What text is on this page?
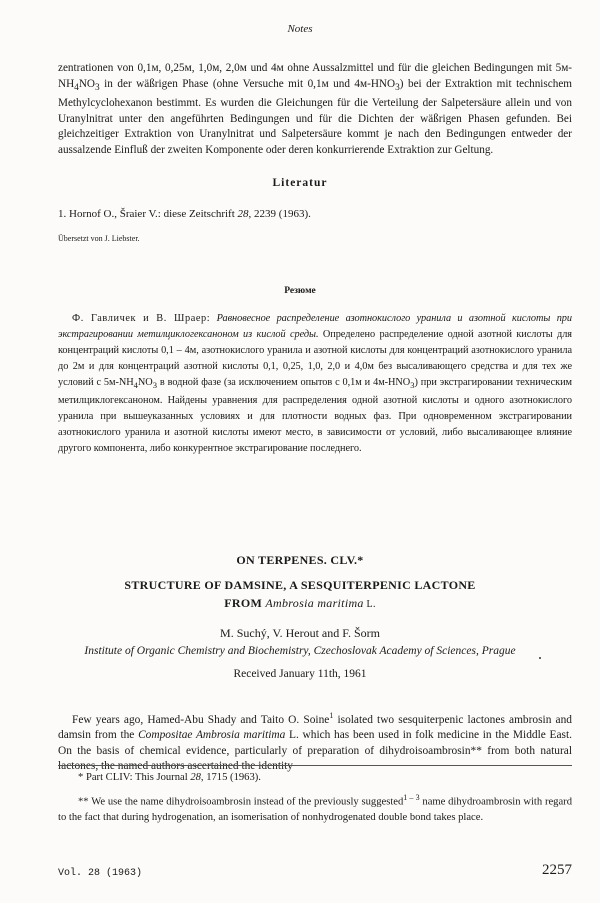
Notes

zentrationen von 0,1м, 0,25м, 1,0м, 2,0м und 4м ohne Aussalzmittel und für die gleichen Bedingungen mit $5м-NH_4NO_3$ in der wäßrigen Phase (ohne Versuche mit 0,1м und $4м-HNO_3$) bei der Extraktion mit technischem Methylcyclohexanon bestimmt. Es wurden die Gleichungen für die Verteilung der Salpetersäure allein und von Uranylnitrat unter den angeführten Bedingungen und für die Dichten der wäßrigen Phasen gefunden. Bei gleichzeitiger Extraktion von Uranylnitrat und Salpetersäure kommt je nach den Bedingungen entweder der aussalzende Einfluß der zweiten Komponente oder deren konkurrierende Extraktion zur Geltung.

Literatur
1. Hornof O., Šraier V.: diese Zeitschrift 28, 2239 (1963).
Übersetzt von J. Liebster.
Резюме

Ф. Гавличек и В. Шраер: Равновесное распределение азотнокислого уранила и азотной кислоты при экстрагировании метилциклогексаноном из кислой среды. Определено распределение одной азотной кислоты для концентраций кислоты 0,1 – 4м, азотнокислого уранила и азотной кислоты для концентраций азотнокислого уранила до 2м и для концентраций азотной кислоты 0,1, 0,25, 1,0, 2,0 и 4,0м без высаливающего средства и для тех же условий с $5м-NH_4NO_3$ в водной фазе (за исключением опытов с 0,1м и $4м-HNO_3$) при экстрагировании техническим метилциклогексаноном. Найдены уравнения для распределения одной азотной кислоты и одного азотнокислого уранила при вышеуказанных условиях и для плотности водных фаз. При одновременном экстрагировании азотнокислого уранила и азотной кислоты имеют место, в зависимости от условий, либо высаливающее влияние другого компонента, либо конкурентное экстрагирование последнего.

ON TERPENES. CLV.*
STRUCTURE OF DAMSINE, A SESQUITERPENIC LACTONE
FROM Ambrosia maritima L.
M. Suchý, V. Herout and F. Šorm
Institute of Organic Chemistry and Biochemistry, Czechoslovak Academy of Sciences, Prague
Received January 11th, 1961

Few years ago, Hamed-Abu Shady and Taito O. Soine$^1$ isolated two sesquiterpenic lactones ambrosin and damsin from the Compositae Ambrosia maritima L. which has been used in folk medicine in the Middle East. On the basis of chemical evidence, particularly of preparation of dihydroisoambrosin** from both natural lactones, the named authors ascertained the identity

* Part CLIV: This Journal 28, 1715 (1963).

** We use the name dihydroisoambrosin instead of the previously suggested$^{1 - 3}$ name dihydroambrosin with regard to the fact that during hydrogenation, an isomerisation of nonhydrogenated double bond takes place.

Vol. 28 (1963)	2257
